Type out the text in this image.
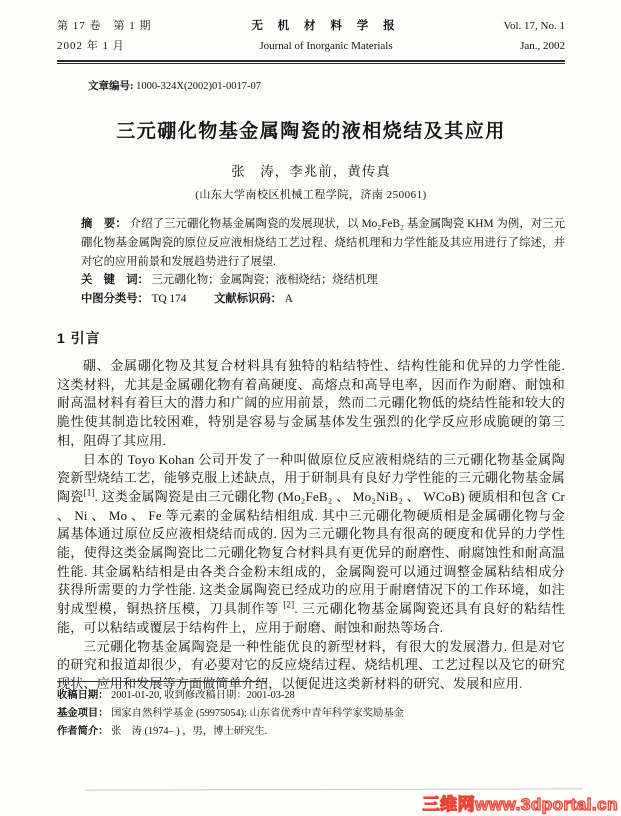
第 17 卷　第 1 期
2002 年 1 月
无 机 材 料 学 报
Journal of Inorganic Materials
Vol. 17, No. 1
Jan., 2002
文章编号: 1000-324X(2002)01-0017-07
三元硼化物基金属陶瓷的液相烧结及其应用
张　涛，李兆前，黄传真
(山东大学南校区机械工程学院，济南 250061)
摘　要： 介绍了三元硼化物基金属陶瓷的发展现状，以 Mo₂FeB₂ 基金属陶瓷 KHM 为例，对三元硼化物基金属陶瓷的原位反应液相烧结工艺过程、烧结机理和力学性能及其应用进行了综述，并对它的应用前景和发展趋势进行了展望.
关　键　词： 三元硼化物；金属陶瓷；液相烧结；烧结机理
中图分类号： TQ 174 文献标识码： A
1 引言

硼、金属硼化物及其复合材料具有独特的粘结特性、结构性能和优异的力学性能. 这类材料，尤其是金属硼化物有着高硬度、高熔点和高导电率，因而作为耐磨、耐蚀和耐高温材料有着巨大的潜力和广阔的应用前景，然而二元硼化物低的烧结性能和较大的脆性使其制造比较困难，特别是容易与金属基体发生强烈的化学反应形成脆硬的第三相，阻碍了其应用.

日本的 Toyo Kohan 公司开发了一种叫做原位反应液相烧结的三元硼化物基金属陶瓷新型烧结工艺，能够克服上述缺点，用于研制具有良好力学性能的三元硼化物基金属陶瓷[1]. 这类金属陶瓷是由三元硼化物 (Mo₂FeB₂ 、 Mo₂NiB₂ 、 WCoB) 硬质相和包含 Cr 、 Ni 、 Mo 、 Fe 等元素的金属粘结相组成. 其中三元硼化物硬质相是金属硼化物与金属基体通过原位反应液相烧结而成的. 因为三元硼化物具有很高的硬度和优异的力学性能，使得这类金属陶瓷比二元硼化物复合材料具有更优异的耐磨性、耐腐蚀性和耐高温性能. 其金属粘结相是由各类合金粉末组成的，金属陶瓷可以通过调整金属粘结相成分获得所需要的力学性能. 这类金属陶瓷已经成功的应用于耐磨情况下的工作环境，如注射成型模，铜热挤压模，刀具制作等 [2]. 三元硼化物基金属陶瓷还具有良好的粘结性能，可以粘结或覆层于结构件上，应用于耐磨、耐蚀和耐热等场合.

三元硼化物基金属陶瓷是一种性能优良的新型材料，有很大的发展潜力. 但是对它的研究和报道却很少，有必要对它的反应烧结过程、烧结机理、工艺过程以及它的研究现状、应用和发展等方面做简单介绍，以便促进这类新材料的研究、发展和应用.

收稿日期： 2001-01-20, 收到修改稿日期：2001-03-28
基金项目： 国家自然科学基金 (59975054); 山东省优秀中青年科学家奖励基金
作者简介： 张　涛 (1974– ) ，男，博士研究生.
三维网www.3dportal.cn
